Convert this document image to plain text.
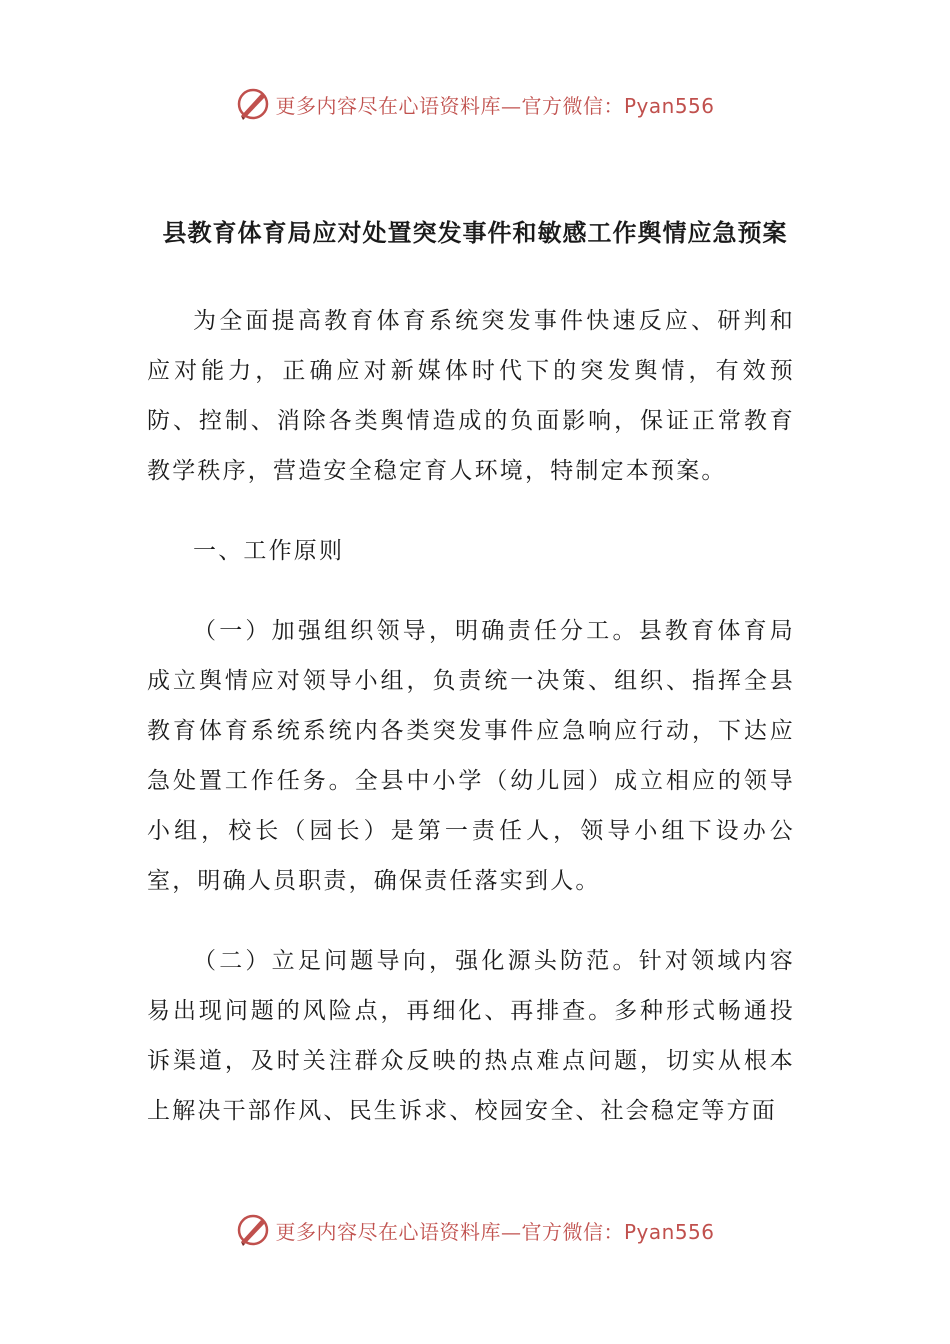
更多内容尽在心语资料库—官方微信：Pyan556
县教育体育局应对处置突发事件和敏感工作舆情应急预案

为全面提高教育体育系统突发事件快速反应、研判和应对能力，正确应对新媒体时代下的突发舆情，有效预防、控制、消除各类舆情造成的负面影响，保证正常教育教学秩序，营造安全稳定育人环境，特制定本预案。

一、工作原则

（一）加强组织领导，明确责任分工。县教育体育局成立舆情应对领导小组，负责统一决策、组织、指挥全县教育体育系统系统内各类突发事件应急响应行动，下达应急处置工作任务。全县中小学（幼儿园）成立相应的领导小组，校长（园长）是第一责任人，领导小组下设办公室，明确人员职责，确保责任落实到人。

（二）立足问题导向，强化源头防范。针对领域内容易出现问题的风险点，再细化、再排查。多种形式畅通投诉渠道，及时关注群众反映的热点难点问题，切实从根本上解决干部作风、民生诉求、校园安全、社会稳定等方面

更多内容尽在心语资料库—官方微信：Pyan556
